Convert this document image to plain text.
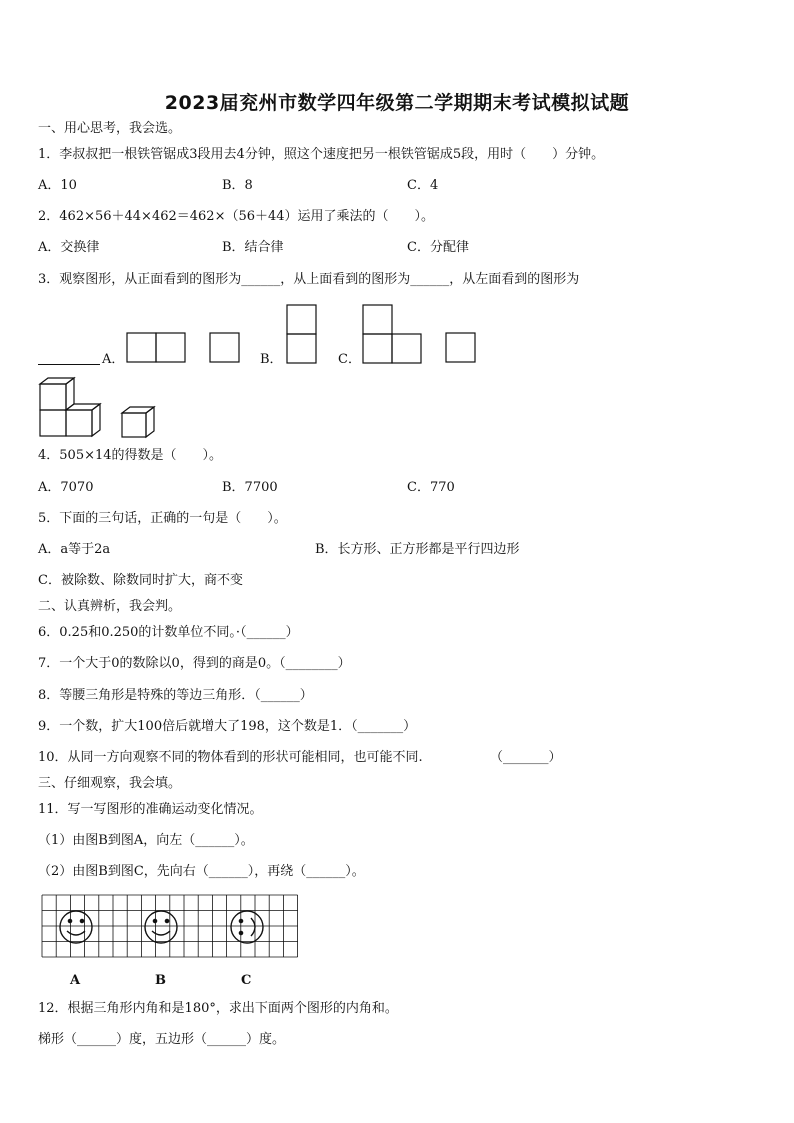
2023届兖州市数学四年级第二学期期末考试模拟试题
一、用心思考，我会选。
1．李叔叔把一根铁管锯成3段用去4分钟，照这个速度把另一根铁管锯成5段，用时（　　）分钟。
A．10	B．8	C．4
2．462×56＋44×462＝462×（56＋44）运用了乘法的（　　）。
A．交换律	B．结合律	C．分配律
3．观察图形，从正面看到的图形为______，从上面看到的图形为______，从左面看到的图形为
A．	B．	C．
4．505×14的得数是（　　）。
A．7070	B．7700	C．770
5．下面的三句话，正确的一句是（　　）。
A．a等于2a	B．长方形、正方形都是平行四边形
C．被除数、除数同时扩大，商不变
二、认真辨析，我会判。
6．0.25和0.250的计数单位不同。·（______）
7．一个大于0的数除以0，得到的商是0。（________）
8．等腰三角形是特殊的等边三角形．（______）
9．一个数，扩大100倍后就增大了198，这个数是1．（_______）
10．从同一方向观察不同的物体看到的形状可能相同，也可能不同.	（_______）
三、仔细观察，我会填。
11．写一写图形的准确运动变化情况。
（1）由图B到图A，向左（______）。
（2）由图B到图C，先向右（______），再绕（______）。
A	B	C
12．根据三角形内角和是180°，求出下面两个图形的内角和。
梯形（______）度，五边形（______）度。
